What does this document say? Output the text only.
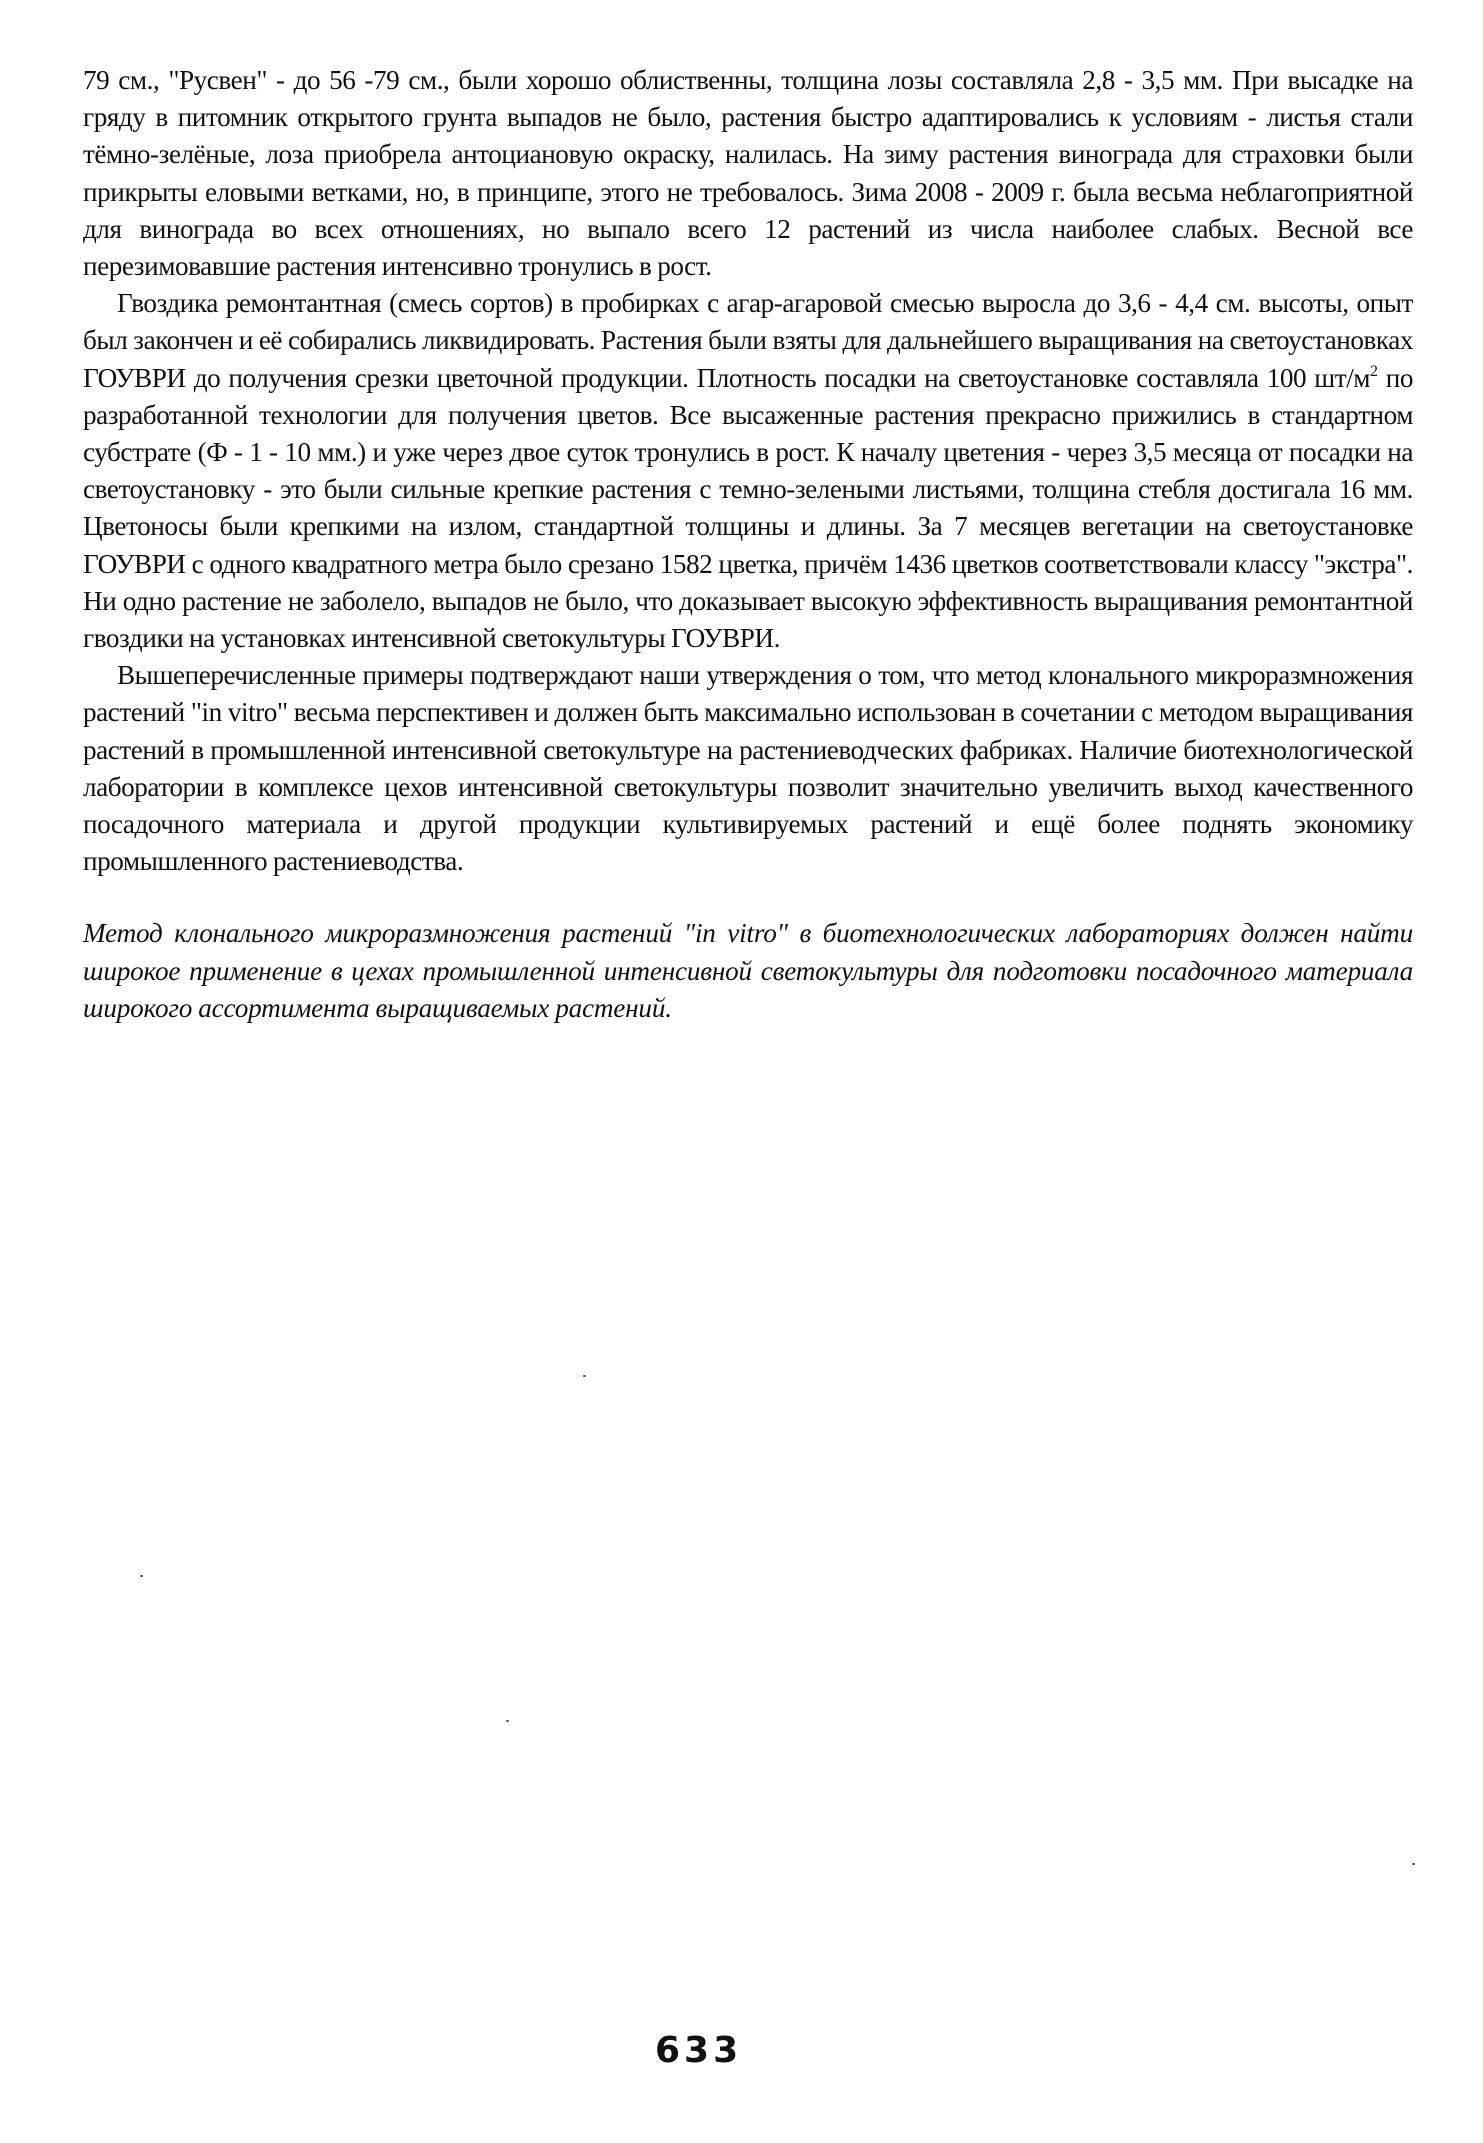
79 см., "Русвен" - до 56 -79 см., были хорошо облиственны, толщина лозы составляла 2,8 - 3,5 мм. При высадке на гряду в питомник открытого грунта выпадов не было, растения быстро адаптировались к условиям - листья стали тёмно-зелёные, лоза приобрела антоциановую окраску, налилась. На зиму растения винограда для страховки были прикрыты еловыми ветками, но, в принципе, этого не требовалось. Зима 2008 - 2009 г. была весьма неблагоприятной для винограда во всех отношениях, но выпало всего 12 растений из числа наиболее слабых. Весной все перезимовавшие растения интенсивно тронулись в рост.

Гвоздика ремонтантная (смесь сортов) в пробирках с агар-агаровой смесью выросла до 3,6 - 4,4 см. высоты, опыт был закончен и её собирались ликвидировать. Растения были взяты для дальнейшего выращивания на светоустановках ГОУВРИ до получения срезки цветочной продукции. Плотность посадки на светоустановке составляла 100 $шт/м^2$ по разработанной технологии для получения цветов. Все высаженные растения прекрасно прижились в стандартном субстрате (Ф - 1 - 10 мм.) и уже через двое суток тронулись в рост. К началу цветения - через 3,5 месяца от посадки на светоустановку - это были сильные крепкие растения с темно-зелеными листьями, толщина стебля достигала 16 мм. Цветоносы были крепкими на излом, стандартной толщины и длины. За 7 месяцев вегетации на светоустановке ГОУВРИ с одного квадратного метра было срезано 1582 цветка, причём 1436 цветков соответствовали классу "экстра". Ни одно растение не заболело, выпадов не было, что доказывает высокую эффективность выращивания ремонтантной гвоздики на установках интенсивной светокультуры ГОУВРИ.

Вышеперечисленные примеры подтверждают наши утверждения о том, что метод клонального микроразмножения растений "in vitro" весьма перспективен и должен быть максимально использован в сочетании с методом выращивания растений в промышленной интенсивной светокультуре на растениеводческих фабриках. Наличие биотехнологической лаборатории в комплексе цехов интенсивной светокультуры позволит значительно увеличить выход качественного посадочного материала и другой продукции культивируемых растений и ещё более поднять экономику промышленного растениеводства.

Метод клонального микроразмножения растений "in vitro" в биотехнологических лабораториях должен найти широкое применение в цехах промышленной интенсивной светокультуры для подготовки посадочного материала широкого ассортимента выращиваемых растений.

633
